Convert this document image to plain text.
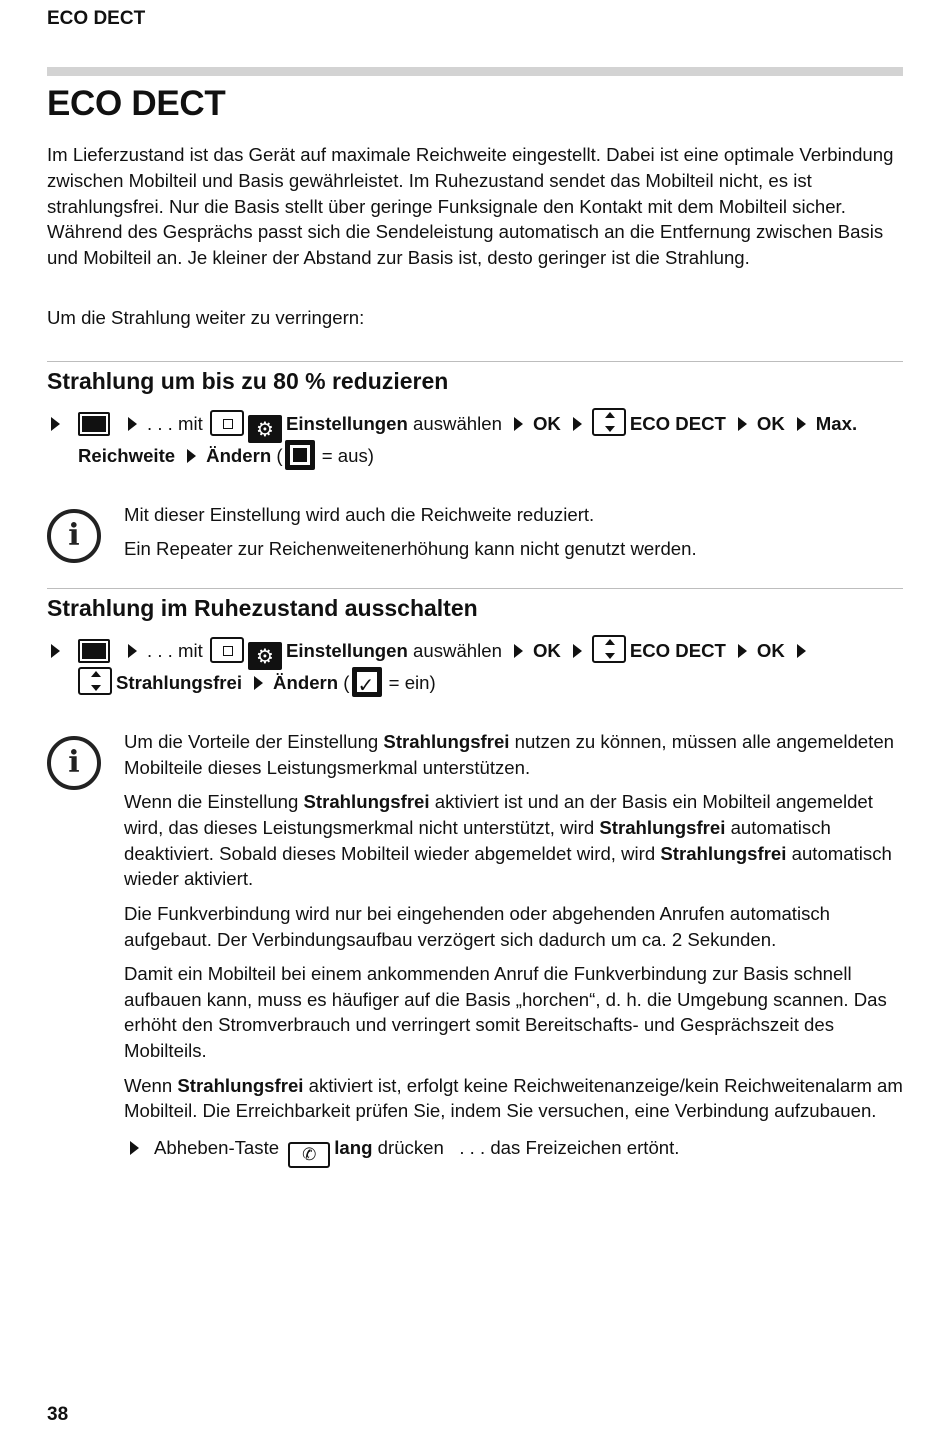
ECO DECT
ECO DECT

Im Lieferzustand ist das Gerät auf maximale Reichweite eingestellt. Dabei ist eine optimale Verbindung zwischen Mobilteil und Basis gewährleistet. Im Ruhezustand sendet das Mobilteil nicht, es ist strahlungsfrei. Nur die Basis stellt über geringe Funksignale den Kontakt mit dem Mobilteil sicher. Während des Gesprächs passt sich die Sendeleistung automatisch an die Entfernung zwischen Basis und Mobilteil an. Je kleiner der Abstand zur Basis ist, desto geringer ist die Strahlung.

Um die Strahlung weiter zu verringern:

Strahlung um bis zu 80 % reduzieren
. . . mit	⚙ Einstellungen auswählen OK	ECO DECT OK Max.
Reichweite Ändern ( = aus)
i

Mit dieser Einstellung wird auch die Reichweite reduziert.

Ein Repeater zur Reichenweitenerhöhung kann nicht genutzt werden.

Strahlung im Ruhezustand ausschalten
. . . mit	⚙ Einstellungen auswählen OK	ECO DECT OK
Strahlungsfrei Ändern (✓ = ein)
i

Um die Vorteile der Einstellung Strahlungsfrei nutzen zu können, müssen alle angemeldeten Mobilteile dieses Leistungsmerkmal unterstützen.

Wenn die Einstellung Strahlungsfrei aktiviert ist und an der Basis ein Mobilteil angemeldet wird, das dieses Leistungsmerkmal nicht unterstützt, wird Strahlungsfrei automatisch deaktiviert. Sobald dieses Mobilteil wieder abgemeldet wird, wird Strahlungsfrei automatisch wieder aktiviert.

Die Funkverbindung wird nur bei eingehenden oder abgehenden Anrufen automatisch aufgebaut. Der Verbindungsaufbau verzögert sich dadurch um ca. 2 Sekunden.

Damit ein Mobilteil bei einem ankommenden Anruf die Funkverbindung zur Basis schnell aufbauen kann, muss es häufiger auf die Basis „horchen“, d. h. die Umgebung scannen. Das erhöht den Stromverbrauch und verringert somit Bereitschafts- und Gesprächszeit des Mobilteils.

Wenn Strahlungsfrei aktiviert ist, erfolgt keine Reichweitenanzeige/kein Reichweitenalarm am Mobilteil. Die Erreichbarkeit prüfen Sie, indem Sie versuchen, eine Verbindung aufzubauen.

Abheben-Taste ✆ lang drücken . . . das Freizeichen ertönt.
38
